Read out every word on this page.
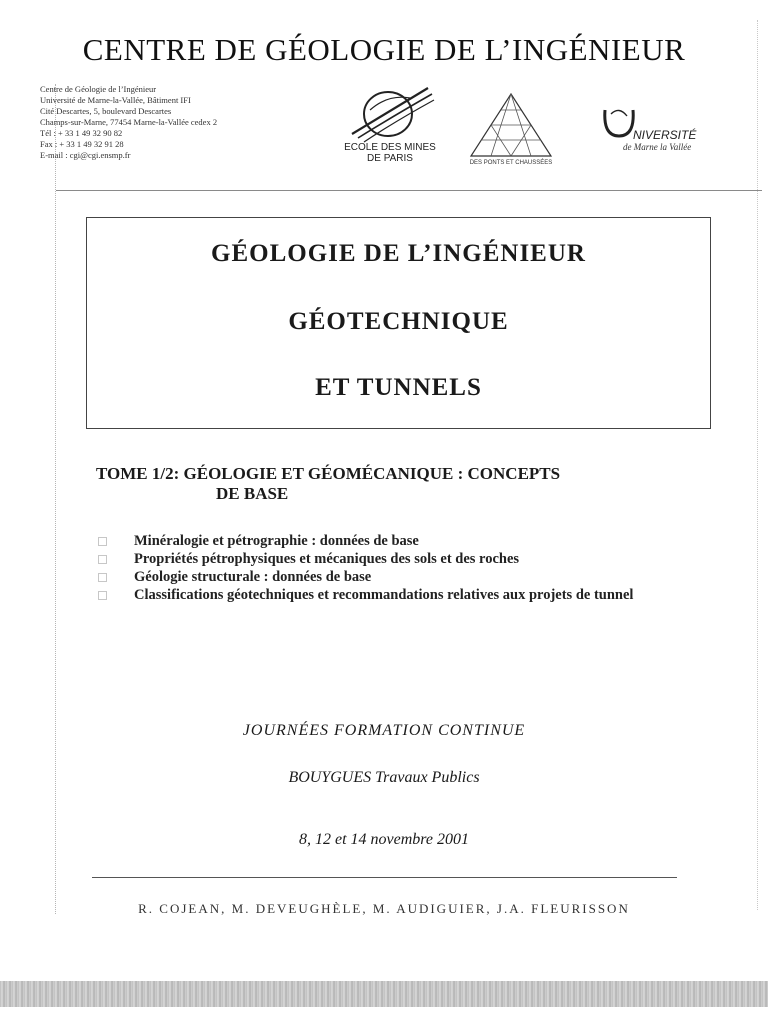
CENTRE DE GÉOLOGIE DE L’INGÉNIEUR
Centre de Géologie de l’Ingénieur
Université de Marne-la-Vallée, Bâtiment IFI
Cité Descartes, 5, boulevard Descartes
Champs-sur-Marne, 77454 Marne-la-Vallée cedex 2
Tél : + 33 1 49 32 90 82
Fax : + 33 1 49 32 91 28
E-mail : cgi@cgi.ensmp.fr
ECOLE DES MINES
DE PARIS	DES PONTS ET CHAUSSÉES
NIVERSITÉ
de Marne la Vallée
GÉOLOGIE DE L’INGÉNIEUR
GÉOTECHNIQUE
ET TUNNELS
TOME 1/2: GÉOLOGIE ET GÉOMÉCANIQUE : CONCEPTS
DE BASE
Minéralogie et pétrographie : données de base
Propriétés pétrophysiques et mécaniques des sols et des roches
Géologie structurale : données de base
Classifications géotechniques et recommandations relatives aux projets de tunnel
JOURNÉES FORMATION CONTINUE
BOUYGUES Travaux Publics
8, 12 et 14 novembre 2001
R. COJEAN, M. DEVEUGHÈLE, M. AUDIGUIER, J.A. FLEURISSON
